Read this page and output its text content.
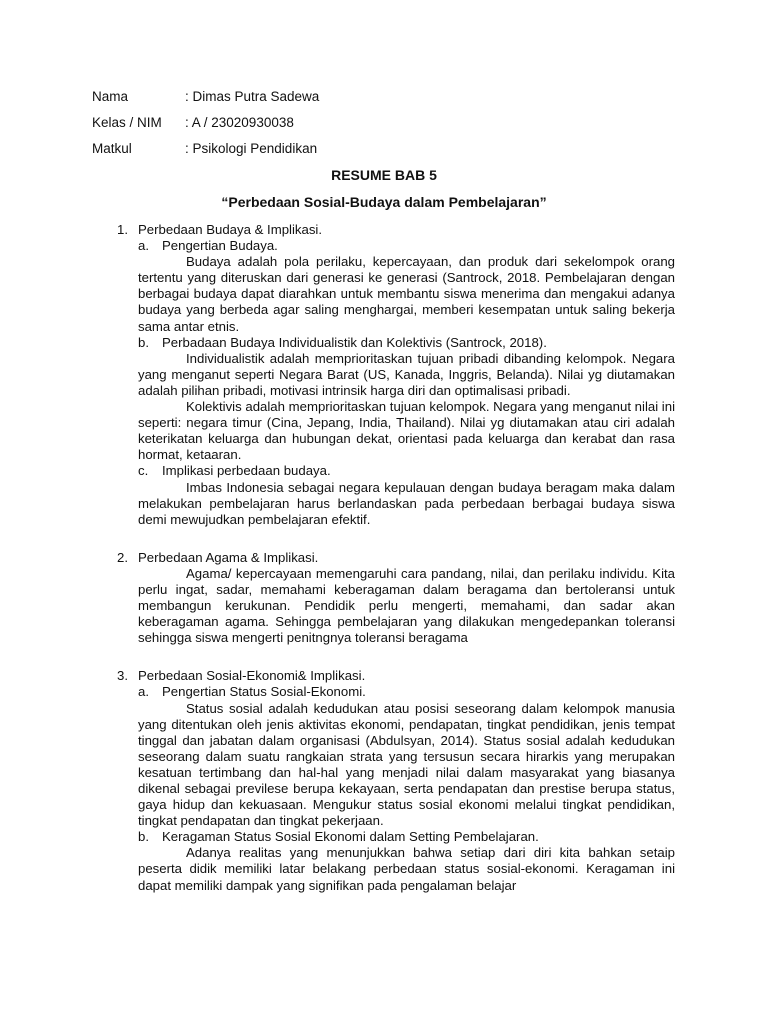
Nama	: Dimas Putra Sadewa
Kelas / NIM : A / 23020930038
Matkul	: Psikologi Pendidikan
RESUME BAB 5
“Perbedaan Sosial-Budaya dalam Pembelajaran”
1. Perbedaan Budaya & Implikasi.
a. Pengertian Budaya.

Budaya adalah pola perilaku, kepercayaan, dan produk dari sekelompok orang tertentu yang diteruskan dari generasi ke generasi (Santrock, 2018. Pembelajaran dengan berbagai budaya dapat diarahkan untuk membantu siswa menerima dan mengakui adanya budaya yang berbeda agar saling menghargai, memberi kesempatan untuk saling bekerja sama antar etnis.

b. Perbadaan Budaya Individualistik dan Kolektivis (Santrock, 2018).

Individualistik adalah memprioritaskan tujuan pribadi dibanding kelompok. Negara yang menganut seperti Negara Barat (US, Kanada, Inggris, Belanda). Nilai yg diutamakan adalah pilihan pribadi, motivasi intrinsik harga diri dan optimalisasi pribadi.

Kolektivis adalah memprioritaskan tujuan kelompok. Negara yang menganut nilai ini seperti: negara timur (Cina, Jepang, India, Thailand). Nilai yg diutamakan atau ciri adalah keterikatan keluarga dan hubungan dekat, orientasi pada keluarga dan kerabat dan rasa hormat, ketaaran.

c. Implikasi perbedaan budaya.

Imbas Indonesia sebagai negara kepulauan dengan budaya beragam maka dalam melakukan pembelajaran harus berlandaskan pada perbedaan berbagai budaya siswa demi mewujudkan pembelajaran efektif.

2. Perbedaan Agama & Implikasi.

Agama/ kepercayaan memengaruhi cara pandang, nilai, dan perilaku individu. Kita perlu ingat, sadar, memahami keberagaman dalam beragama dan bertoleransi untuk membangun kerukunan. Pendidik perlu mengerti, memahami, dan sadar akan keberagaman agama. Sehingga pembelajaran yang dilakukan mengedepankan toleransi sehingga siswa mengerti penitngnya toleransi beragama

3. Perbedaan Sosial-Ekonomi& Implikasi.
a. Pengertian Status Sosial-Ekonomi.

Status sosial adalah kedudukan atau posisi seseorang dalam kelompok manusia yang ditentukan oleh jenis aktivitas ekonomi, pendapatan, tingkat pendidikan, jenis tempat tinggal dan jabatan dalam organisasi (Abdulsyan, 2014). Status sosial adalah kedudukan seseorang dalam suatu rangkaian strata yang tersusun secara hirarkis yang merupakan kesatuan tertimbang dan hal-hal yang menjadi nilai dalam masyarakat yang biasanya dikenal sebagai previlese berupa kekayaan, serta pendapatan dan prestise berupa status, gaya hidup dan kekuasaan. Mengukur status sosial ekonomi melalui tingkat pendidikan, tingkat pendapatan dan tingkat pekerjaan.

b. Keragaman Status Sosial Ekonomi dalam Setting Pembelajaran.

Adanya realitas yang menunjukkan bahwa setiap dari diri kita bahkan setaip peserta didik memiliki latar belakang perbedaan status sosial-ekonomi. Keragaman ini dapat memiliki dampak yang signifikan pada pengalaman belajar
